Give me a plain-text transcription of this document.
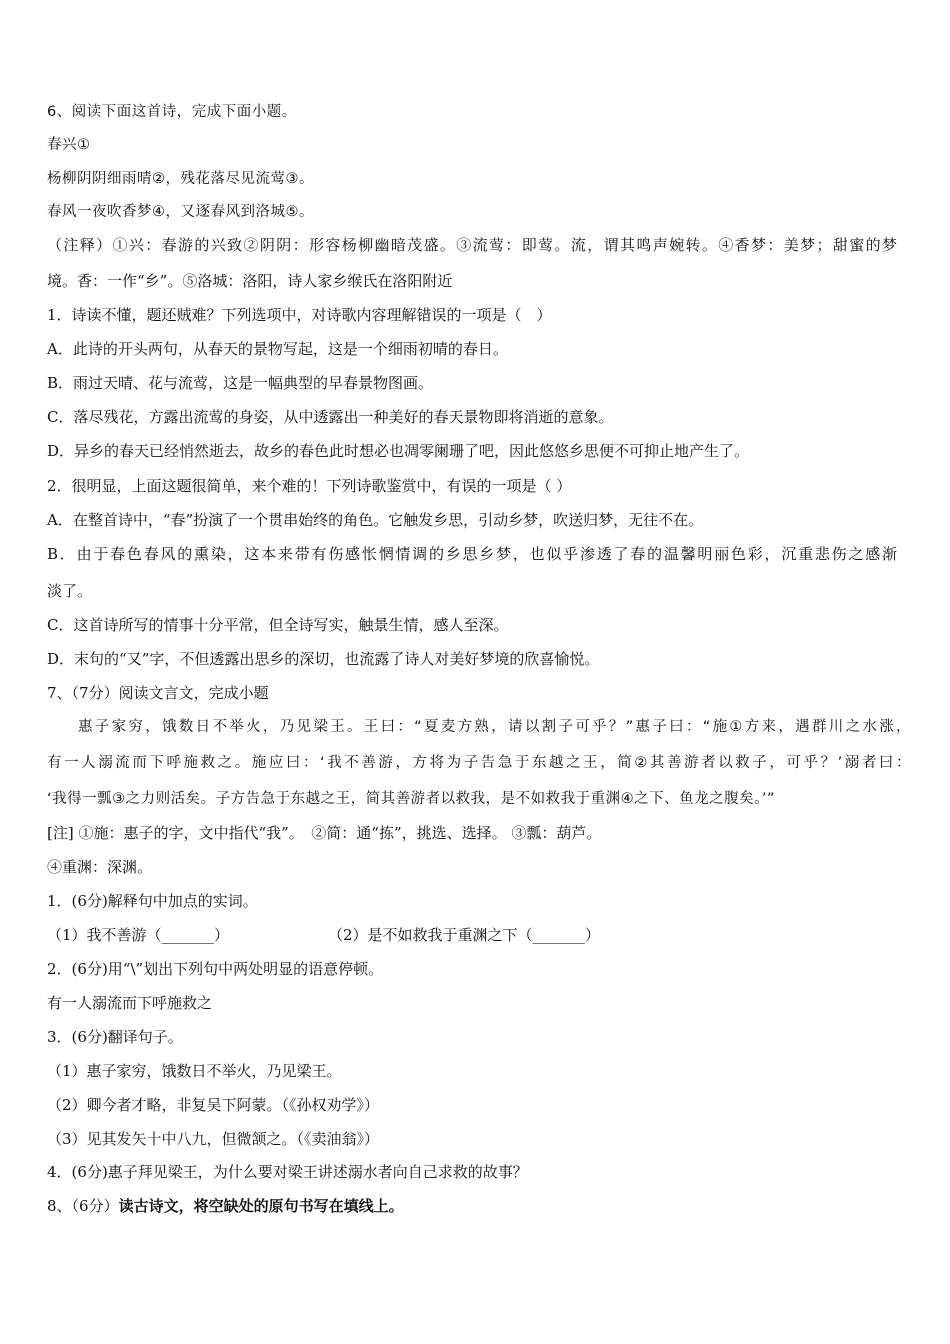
6、阅读下面这首诗，完成下面小题。
春兴①
杨柳阴阴细雨晴②，残花落尽见流莺③。
春风一夜吹香梦④，又逐春风到洛城⑤。
（注释）①兴：春游的兴致②阴阴：形容杨柳幽暗茂盛。③流莺：即莺。流，谓其鸣声婉转。④香梦：美梦；甜蜜的梦
境。香：一作“乡”。⑤洛城：洛阳，诗人家乡缑氏在洛阳附近
1．诗读不懂，题还贼难？下列选项中，对诗歌内容理解错误的一项是（　）
A．此诗的开头两句，从春天的景物写起，这是一个细雨初晴的春日。
B．雨过天晴、花与流莺，这是一幅典型的早春景物图画。
C．落尽残花，方露出流莺的身姿，从中透露出一种美好的春天景物即将消逝的意象。
D．异乡的春天已经悄然逝去，故乡的春色此时想必也凋零阑珊了吧，因此悠悠乡思便不可抑止地产生了。
2．很明显，上面这题很简单，来个难的！下列诗歌鉴赏中，有误的一项是（ ）
A．在整首诗中，“春”扮演了一个贯串始终的角色。它触发乡思，引动乡梦，吹送归梦，无往不在。
B．由于春色春风的熏染，这本来带有伤感怅惘情调的乡思乡梦，也似乎渗透了春的温馨明丽色彩，沉重悲伤之感渐
淡了。
C．这首诗所写的情事十分平常，但全诗写实，触景生情，感人至深。
D．末句的“又”字，不但透露出思乡的深切，也流露了诗人对美好梦境的欣喜愉悦。
7、（7分）阅读文言文，完成小题
惠子家穷，饿数日不举火，乃见梁王。王曰：“夏麦方熟，请以割子可乎？”惠子曰：“施①方来，遇群川之水涨，
有一人溺流而下呼施救之。施应曰：‘我不善游，方将为子告急于东越之王，简②其善游者以救子，可乎？’溺者曰：
‘我得一瓢③之力则活矣。子方告急于东越之王，简其善游者以救我，是不如救我于重渊④之下、鱼龙之腹矣。’”
[注] ①施：惠子的字，文中指代“我”。　②简：通“拣”，挑选、选择。 ③瓢：葫芦。
④重渊：深渊。
1．(6分)解释句中加点的实词。
（1）我不善游（_______）	（2）是不如救我于重渊之下（_______）
2．(6分)用“\”划出下列句中两处明显的语意停顿。
有一人溺流而下呼施救之
3．(6分)翻译句子。
（1）惠子家穷，饿数日不举火，乃见梁王。
（2）卿今者才略，非复吴下阿蒙。（《孙权劝学》）
（3）见其发矢十中八九，但微颔之。（《卖油翁》）
4．(6分)惠子拜见梁王，为什么要对梁王讲述溺水者向自己求救的故事？
8、（6分）读古诗文，将空缺处的原句书写在填线上。
